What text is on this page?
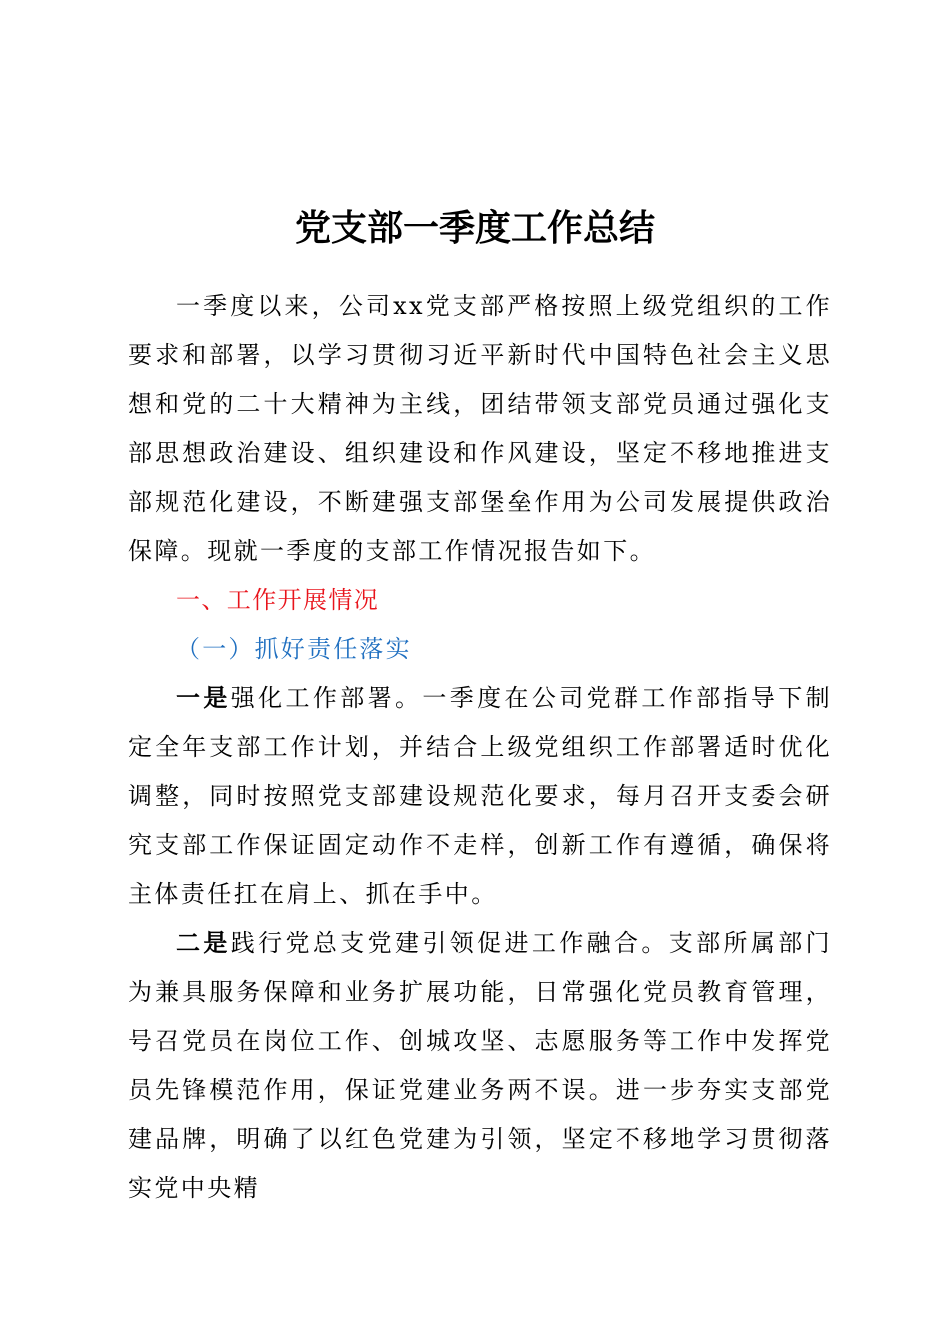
党支部一季度工作总结

一季度以来，公司xx党支部严格按照上级党组织的工作要求和部署，以学习贯彻习近平新时代中国特色社会主义思想和党的二十大精神为主线，团结带领支部党员通过强化支部思想政治建设、组织建设和作风建设，坚定不移地推进支部规范化建设，不断建强支部堡垒作用为公司发展提供政治保障。现就一季度的支部工作情况报告如下。

一、工作开展情况

（一）抓好责任落实

一是强化工作部署。一季度在公司党群工作部指导下制定全年支部工作计划，并结合上级党组织工作部署适时优化调整，同时按照党支部建设规范化要求，每月召开支委会研究支部工作保证固定动作不走样，创新工作有遵循，确保将主体责任扛在肩上、抓在手中。

二是践行党总支党建引领促进工作融合。支部所属部门为兼具服务保障和业务扩展功能，日常强化党员教育管理，号召党员在岗位工作、创城攻坚、志愿服务等工作中发挥党员先锋模范作用，保证党建业务两不误。进一步夯实支部党建品牌，明确了以红色党建为引领，坚定不移地学习贯彻落实党中央精
